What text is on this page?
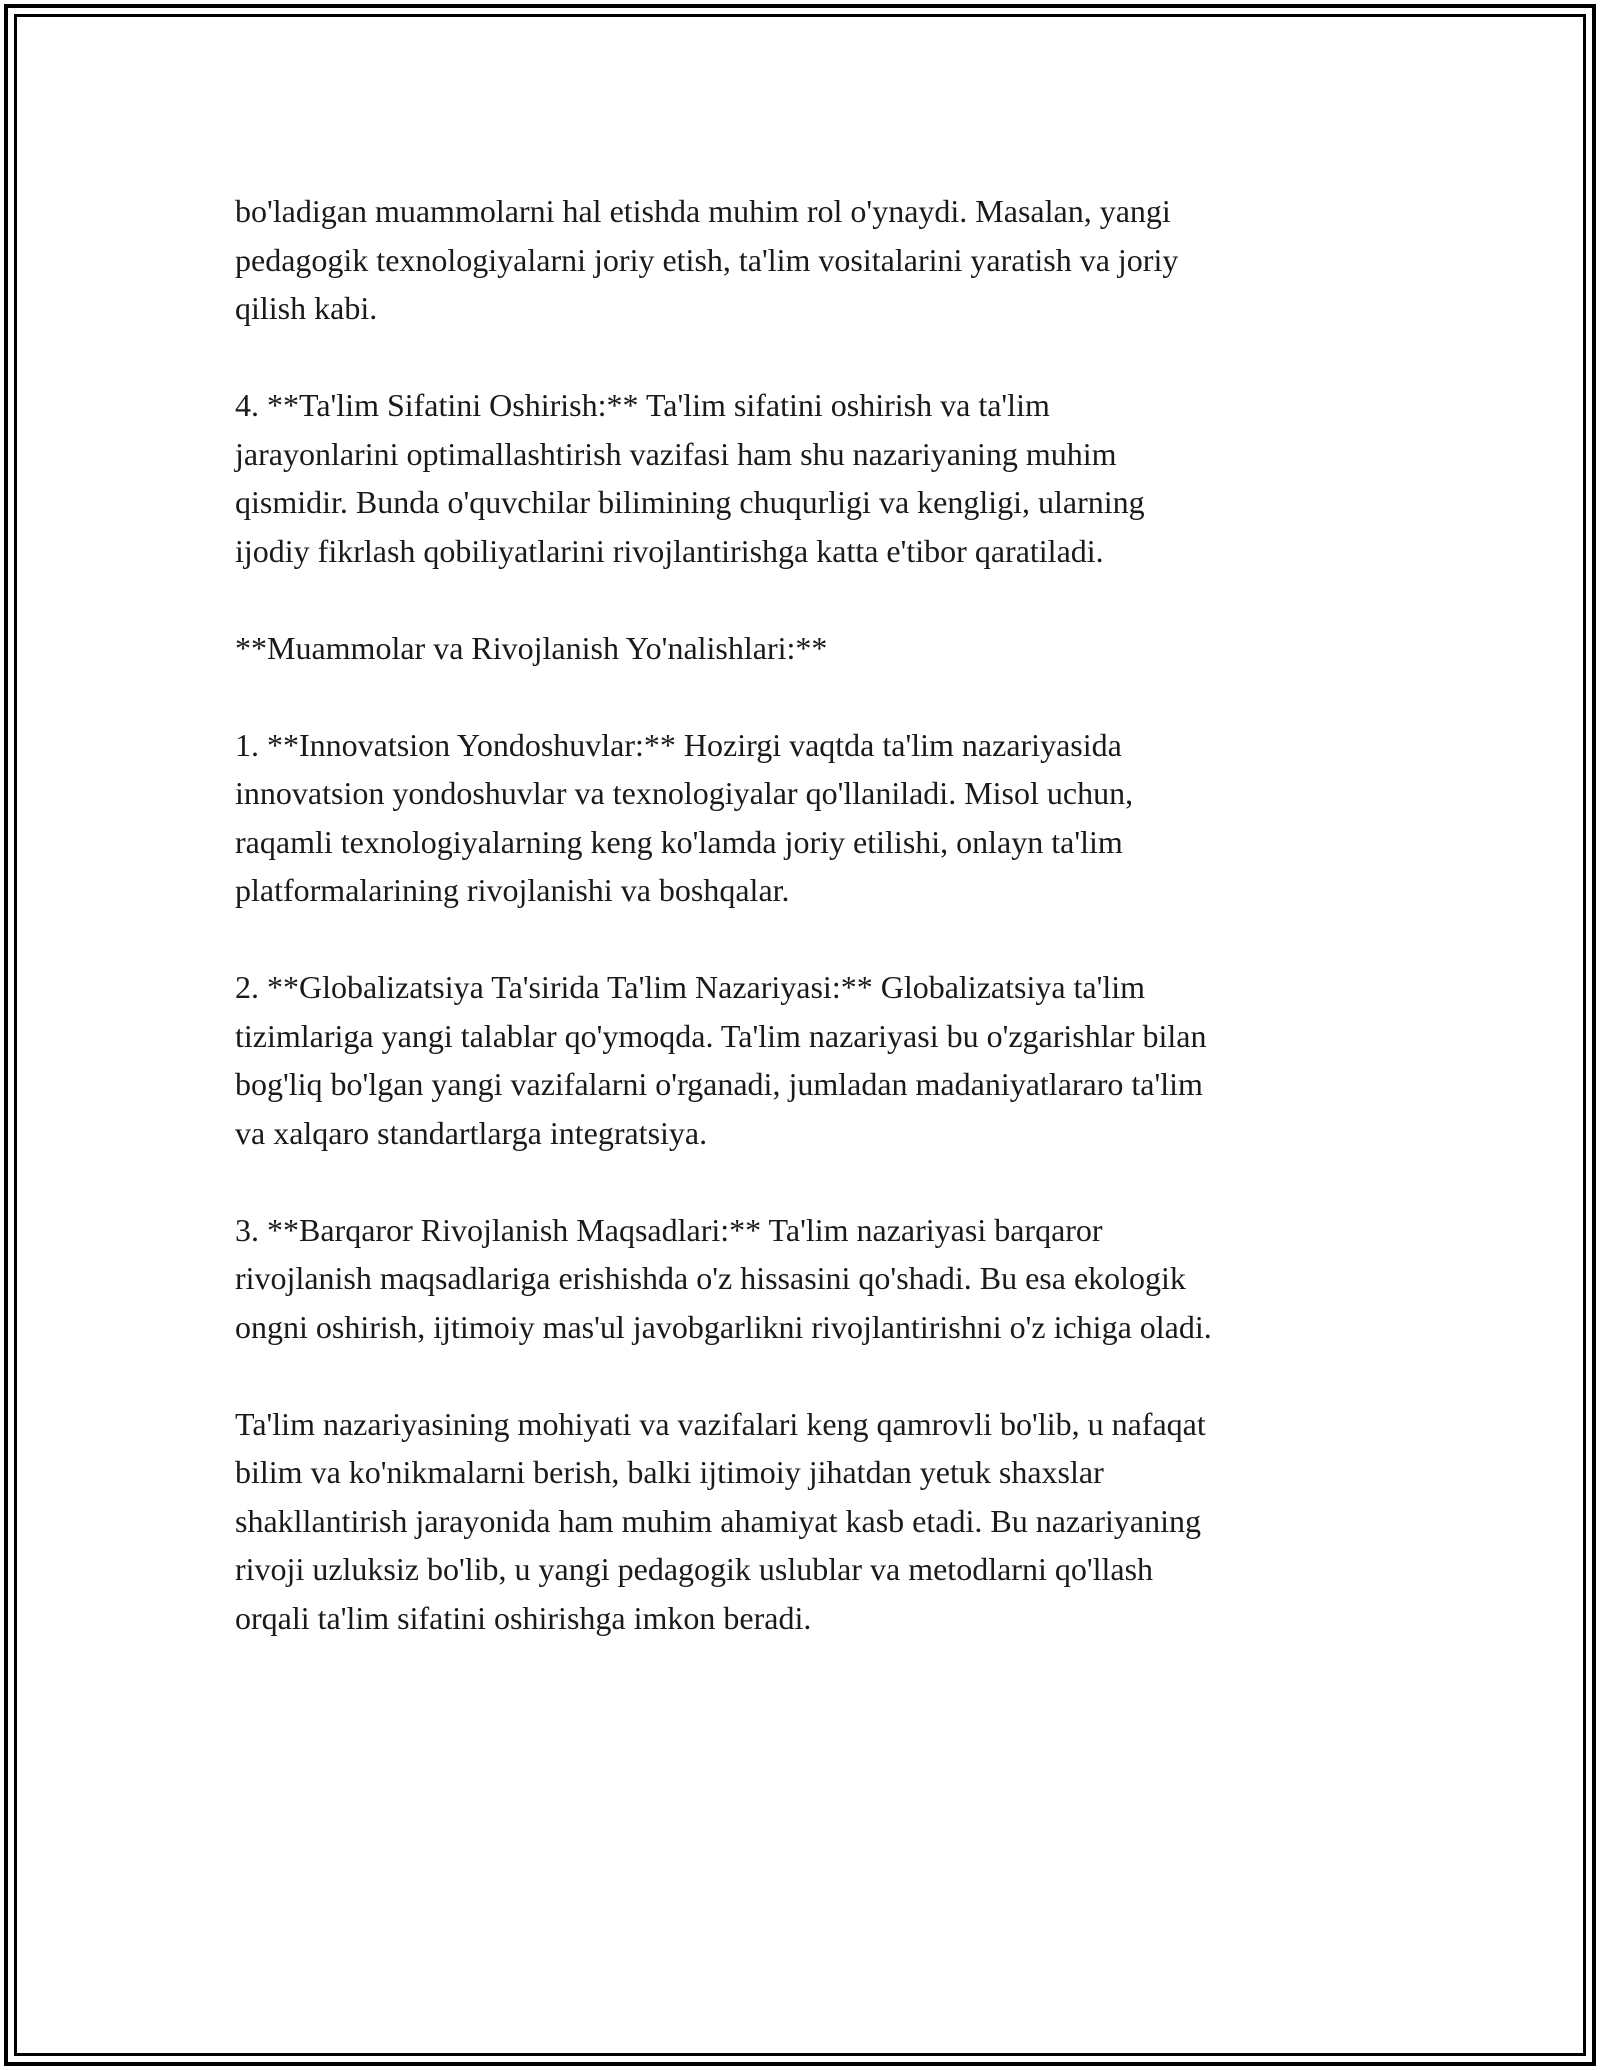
bo'ladigan muammolarni hal etishda muhim rol o'ynaydi. Masalan, yangi
pedagogik texnologiyalarni joriy etish, ta'lim vositalarini yaratish va joriy
qilish kabi.

4. **Ta'lim Sifatini Oshirish:** Ta'lim sifatini oshirish va ta'lim
jarayonlarini optimallashtirish vazifasi ham shu nazariyaning muhim
qismidir. Bunda o'quvchilar bilimining chuqurligi va kengligi, ularning
ijodiy fikrlash qobiliyatlarini rivojlantirishga katta e'tibor qaratiladi.

**Muammolar va Rivojlanish Yo'nalishlari:**

1. **Innovatsion Yondoshuvlar:** Hozirgi vaqtda ta'lim nazariyasida
innovatsion yondoshuvlar va texnologiyalar qo'llaniladi. Misol uchun,
raqamli texnologiyalarning keng ko'lamda joriy etilishi, onlayn ta'lim
platformalarining rivojlanishi va boshqalar.

2. **Globalizatsiya Ta'sirida Ta'lim Nazariyasi:** Globalizatsiya ta'lim
tizimlariga yangi talablar qo'ymoqda. Ta'lim nazariyasi bu o'zgarishlar bilan
bog'liq bo'lgan yangi vazifalarni o'rganadi, jumladan madaniyatlararo ta'lim
va xalqaro standartlarga integratsiya.

3. **Barqaror Rivojlanish Maqsadlari:** Ta'lim nazariyasi barqaror
rivojlanish maqsadlariga erishishda o'z hissasini qo'shadi. Bu esa ekologik
ongni oshirish, ijtimoiy mas'ul javobgarlikni rivojlantirishni o'z ichiga oladi.

Ta'lim nazariyasining mohiyati va vazifalari keng qamrovli bo'lib, u nafaqat
bilim va ko'nikmalarni berish, balki ijtimoiy jihatdan yetuk shaxslar
shakllantirish jarayonida ham muhim ahamiyat kasb etadi. Bu nazariyaning
rivoji uzluksiz bo'lib, u yangi pedagogik uslublar va metodlarni qo'llash
orqali ta'lim sifatini oshirishga imkon beradi.
